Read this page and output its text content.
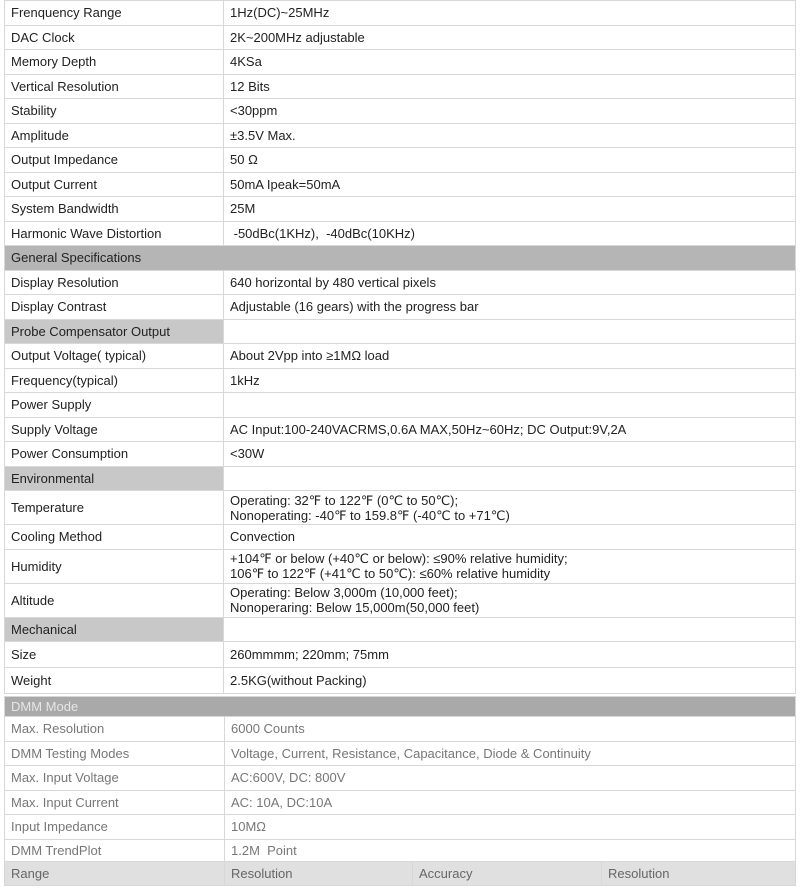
Frenquency Range	1Hz(DC)~25MHz
DAC Clock	2K~200MHz adjustable
Memory Depth	4KSa
Vertical Resolution	12 Bits
Stability	<30ppm
Amplitude	±3.5V Max.
Output Impedance	50 Ω
Output Current	50mA Ipeak=50mA
System Bandwidth	25M
Harmonic Wave Distortion	-50dBc(1KHz),  -40dBc(10KHz)
General Specifications	
Display Resolution	640 horizontal by 480 vertical pixels
Display Contrast	Adjustable (16 gears) with the progress bar
Probe Compensator Output	
Output Voltage( typical)	About 2Vpp into ≥1MΩ load
Frequency(typical)	1kHz
Power Supply	
Supply Voltage	AC Input:100-240VACRMS,0.6A MAX,50Hz~60Hz; DC Output:9V,2A
Power Consumption	<30W
Environmental	
Temperature	Operating: 32℉ to 122℉ (0℃ to 50℃);
Nonoperating: -40℉ to 159.8℉ (-40℃ to +71℃)

Cooling Method	Convection
Humidity	+104℉ or below (+40℃ or below): ≤90% relative humidity;
106℉ to 122℉ (+41℃ to 50℃): ≤60% relative humidity

Altitude	Operating: Below 3,000m (10,000 feet);
Nonoperaring: Below 15,000m(50,000 feet)

Mechanical	
Size	260mmmm; 220mm; 75mm
Weight	2.5KG(without Packing)
DMM Mode			
Max. Resolution	6000 Counts		
DMM Testing Modes	Voltage, Current, Resistance, Capacitance, Diode & Continuity		
Max. Input Voltage	AC:600V, DC: 800V		
Max. Input Current	AC: 10A, DC:10A		
Input Impedance	10MΩ		
DMM TrendPlot	1.2M  Point		
Range	Resolution	Accuracy	Resolution
